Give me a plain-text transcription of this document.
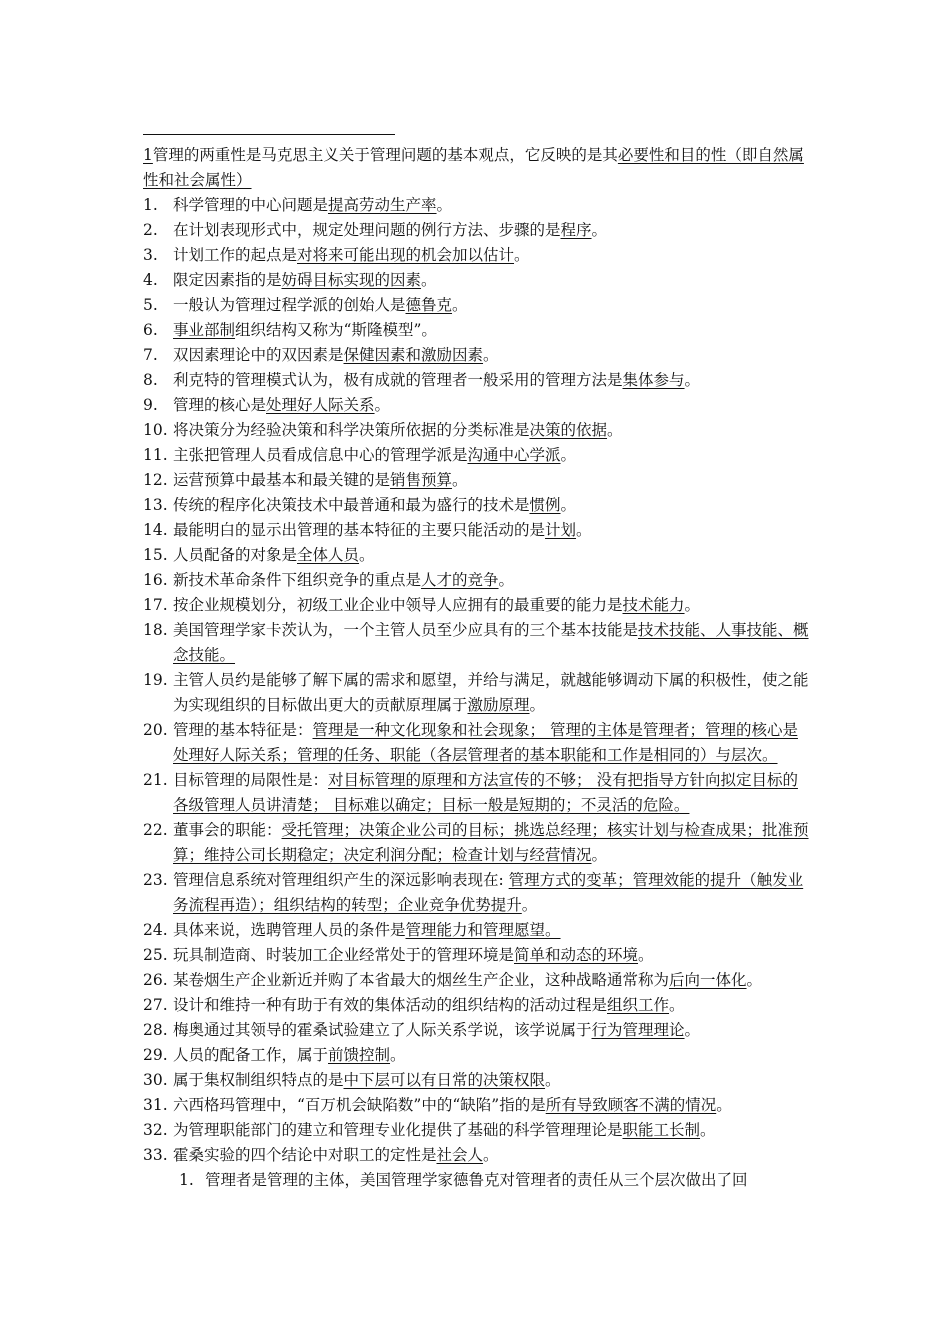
1管理的两重性是马克思主义关于管理问题的基本观点，它反映的是其必要性和目的性（即自然属性和社会属性）
1. 科学管理的中心问题是提高劳动生产率。
2. 在计划表现形式中，规定处理问题的例行方法、步骤的是程序。
3. 计划工作的起点是对将来可能出现的机会加以估计。
4. 限定因素指的是妨碍目标实现的因素。
5. 一般认为管理过程学派的创始人是德鲁克。
6. 事业部制组织结构又称为“斯隆模型”。
7. 双因素理论中的双因素是保健因素和激励因素。
8. 利克特的管理模式认为，极有成就的管理者一般采用的管理方法是集体参与。
9. 管理的核心是处理好人际关系。
10. 将决策分为经验决策和科学决策所依据的分类标准是决策的依据。
11. 主张把管理人员看成信息中心的管理学派是沟通中心学派。
12. 运营预算中最基本和最关键的是销售预算。
13. 传统的程序化决策技术中最普通和最为盛行的技术是惯例。
14. 最能明白的显示出管理的基本特征的主要只能活动的是计划。
15. 人员配备的对象是全体人员。
16. 新技术革命条件下组织竞争的重点是人才的竞争。
17. 按企业规模划分，初级工业企业中领导人应拥有的最重要的能力是技术能力。
18. 美国管理学家卡茨认为，一个主管人员至少应具有的三个基本技能是技术技能、人事技能、概念技能。
19. 主管人员约是能够了解下属的需求和愿望，并给与满足，就越能够调动下属的积极性，使之能为实现组织的目标做出更大的贡献原理属于激励原理。
20. 管理的基本特征是：管理是一种文化现象和社会现象； 管理的主体是管理者；管理的核心是处理好人际关系；管理的任务、职能（各层管理者的基本职能和工作是相同的）与层次。
21. 目标管理的局限性是：对目标管理的原理和方法宣传的不够； 没有把指导方针向拟定目标的各级管理人员讲清楚； 目标难以确定；目标一般是短期的；不灵活的危险。
22. 董事会的职能：受托管理；决策企业公司的目标；挑选总经理；核实计划与检查成果；批准预算；维持公司长期稳定；决定利润分配；检查计划与经营情况。
23. 管理信息系统对管理组织产生的深远影响表现在: 管理方式的变革；管理效能的提升（触发业务流程再造）；组织结构的转型；企业竞争优势提升。
24. 具体来说，选聘管理人员的条件是管理能力和管理愿望。
25. 玩具制造商、时装加工企业经常处于的管理环境是简单和动态的环境。
26. 某卷烟生产企业新近并购了本省最大的烟丝生产企业，这种战略通常称为后向一体化。
27. 设计和维持一种有助于有效的集体活动的组织结构的活动过程是组织工作。
28. 梅奥通过其领导的霍桑试验建立了人际关系学说，该学说属于行为管理理论。
29. 人员的配备工作，属于前馈控制。
30. 属于集权制组织特点的是中下层可以有日常的决策权限。
31. 六西格玛管理中，“百万机会缺陷数”中的“缺陷”指的是所有导致顾客不满的情况。
32. 为管理职能部门的建立和管理专业化提供了基础的科学管理理论是职能工长制。
33. 霍桑实验的四个结论中对职工的定性是社会人。
1. 管理者是管理的主体，美国管理学家德鲁克对管理者的责任从三个层次做出了回
